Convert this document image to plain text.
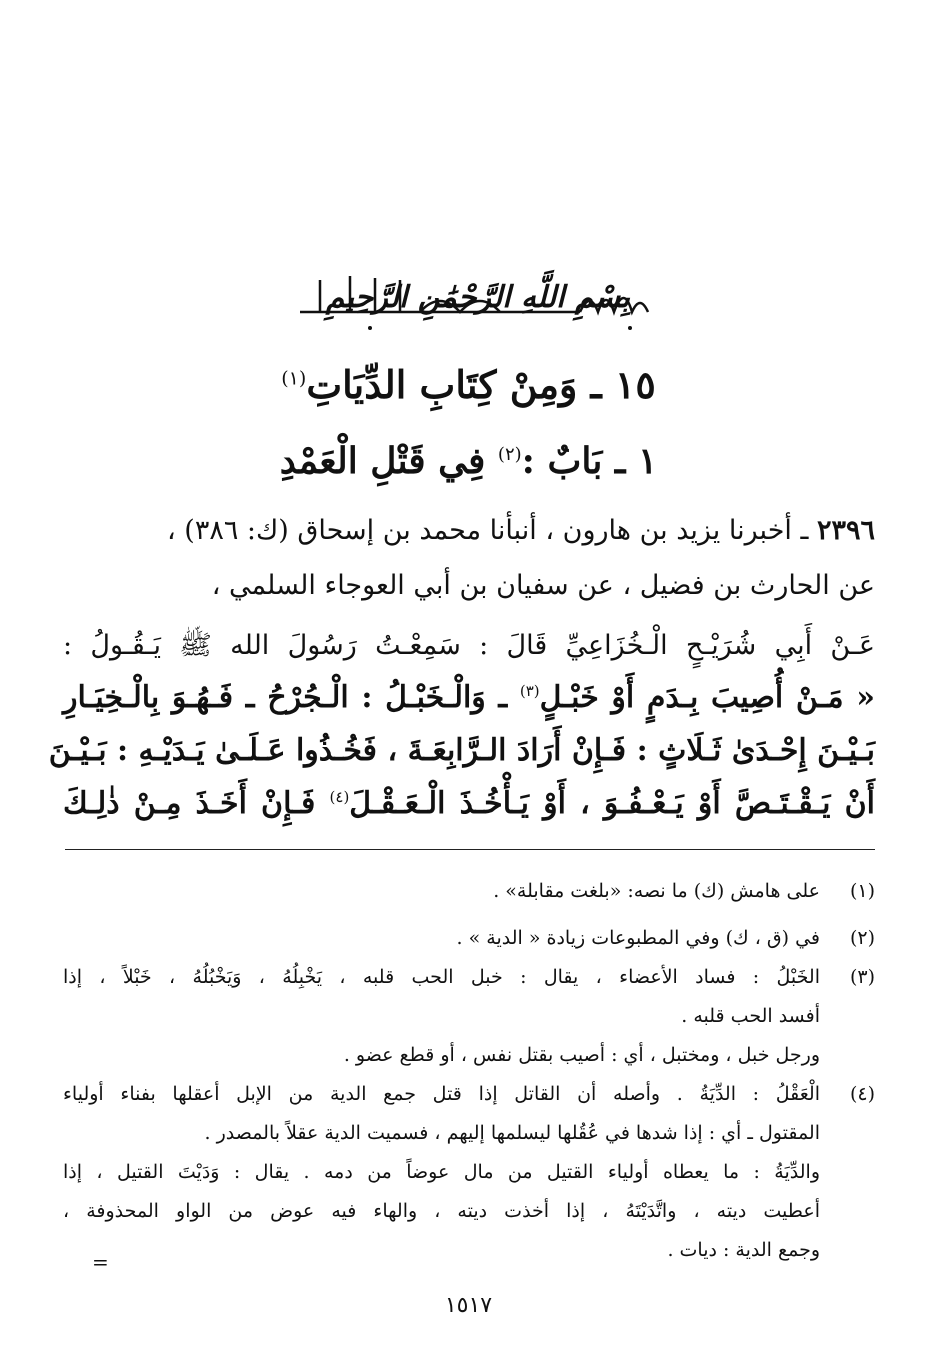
بِسْمِ اللَّهِ الرَّحْمَٰنِ الرَّحِيمِ
١٥ ـ وَمِنْ كِتَابِ الدِّيَاتِ$^{(١)}$
١ ـ بَابٌ :$^{(٢)}$ فِي قَتْلِ الْعَمْدِ
٢٣٩٦ ـ أخبرنا يزيد بن هارون ، أنبأنا محمد بن إسحاق (ك: ٣٨٦) ،
عن الحارث بن فضيل ، عن سفيان بن أبي العوجاء السلمي ،
عَـنْ أَبِي شُرَيْـحٍ الْـخُزَاعِيِّ قَالَ : سَمِعْـتُ رَسُولَ الله ﷺ يَـقُـولُ :
« مَـنْ أُصِيبَ بِـدَمٍ أَوْ خَبْـلٍ$^{(٣)}$ ـ وَالْـخَبْـلُ : الْـجُرْحُ ـ فَـهُـوَ بِالْـخِيَـارِ
بَـيْـنَ إِحْـدَىٰ ثَـلَاثٍ : فَـإِنْ أَرَادَ الـرَّابِعَـةَ ، فَخُـذُوا عَـلَـىٰ يَـدَيْـهِ : بَـيْـنَ
أَنْ يَـقْـتَـصَّ أَوْ يَـعْـفُـوَ ، أَوْ يَـأْخُـذَ الْـعَـقْـلَ$^{(٤)}$ فَـإِنْ أَخَـذَ مِـنْ ذٰلِـكَ
(١)
على هامش (ك) ما نصه: «بلغت مقابلة» .
(٢)
في (ق ، ك) وفي المطبوعات زيادة « الدية » .
(٣)
الخَبْلُ : فساد الأعضاء ، يقال : خبل الحب قلبه ، يَخْبِلُهُ ، وَيَخْبُلُهُ ، خَبْلاً ، إذا
أفسد الحب قلبه .
ورجل خبل ، ومختبل ، أي : أصيب بقتل نفس ، أو قطع عضو .
(٤)
الْعَقْلُ : الدِّيَةُ . وأصله أن القاتل إذا قتل جمع الدية من الإبل أعقلها بفناء أولياء
المقتول ـ أي : إذا شدها في عُقُلها ليسلمها إليهم ، فسميت الدية عقلاً بالمصدر .
والدِّيَةُ : ما يعطاه أولياء القتيل من مال عوضاً من دمه . يقال : وَدَيْتَ القتيل ، إذا
أعطيت ديته ، واتَّدَيْتَهُ ، إذا أخذت ديته ، والهاء فيه عوض من الواو المحذوفة ،
وجمع الدية : ديات .
=
١٥١٧
